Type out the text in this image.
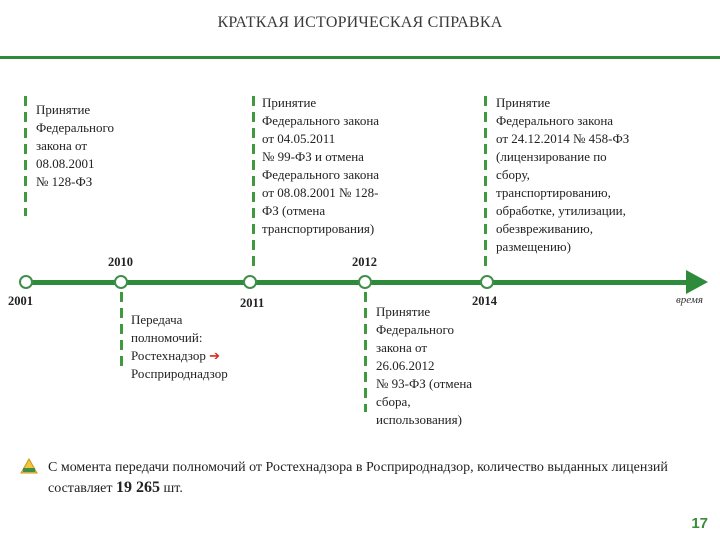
КРАТКАЯ ИСТОРИЧЕСКАЯ СПРАВКА
Принятие
Федерального
закона от
08.08.2001
№ 128-ФЗ
Принятие
Федерального закона
от 04.05.2011
№ 99-ФЗ и отмена
Федерального закона
от 08.08.2001 № 128-
ФЗ (отмена
транспортирования)
Принятие
Федерального закона
от 24.12.2014 № 458-ФЗ
(лицензирование по
сбору,
транспортированию,
обработке, утилизации,
обезвреживанию,
размещению)
время
2001
2010
2011
2012
2014
Передача
полномочий:
Ростехнадзор ➔
Росприроднадзор
Принятие
Федерального
закона от
26.06.2012
№ 93-ФЗ (отмена
сбора,
использования)
С момента передачи полномочий от Ростехнадзора в Росприроднадзор, количество выданных лицензий составляет 19 265 шт.
17
